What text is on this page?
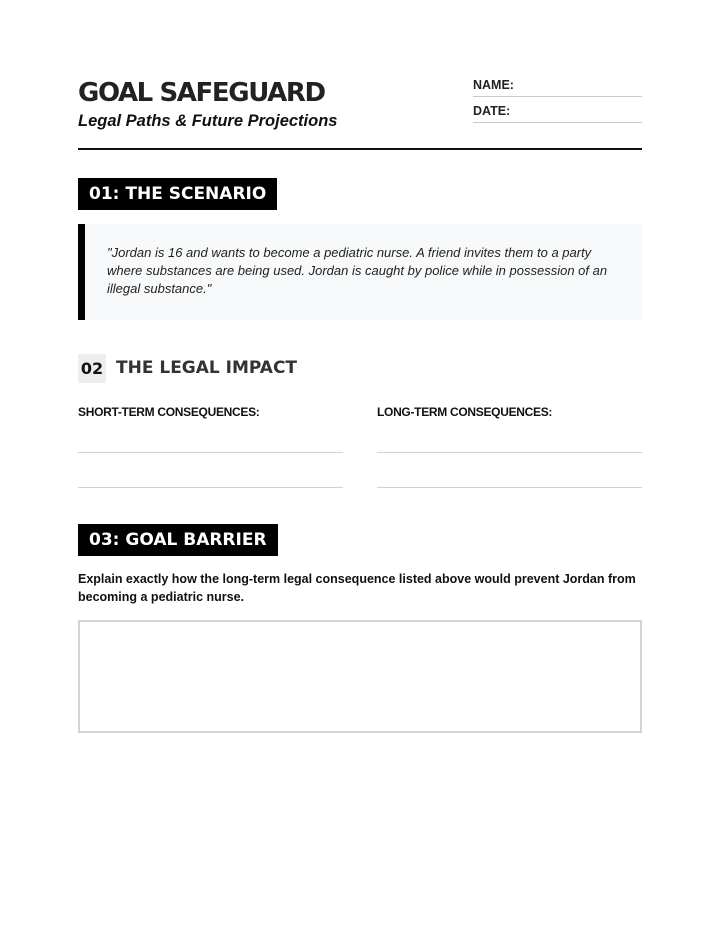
GOAL SAFEGUARD
Legal Paths & Future Projections
NAME:
DATE:
01: THE SCENARIO
"Jordan is 16 and wants to become a pediatric nurse. A friend invites them to a party where substances are being used. Jordan is caught by police while in possession of an illegal substance."
02 THE LEGAL IMPACT
SHORT-TERM CONSEQUENCES:	LONG-TERM CONSEQUENCES:
03: GOAL BARRIER
Explain exactly how the long-term legal consequence listed above would prevent Jordan from becoming a pediatric nurse.
